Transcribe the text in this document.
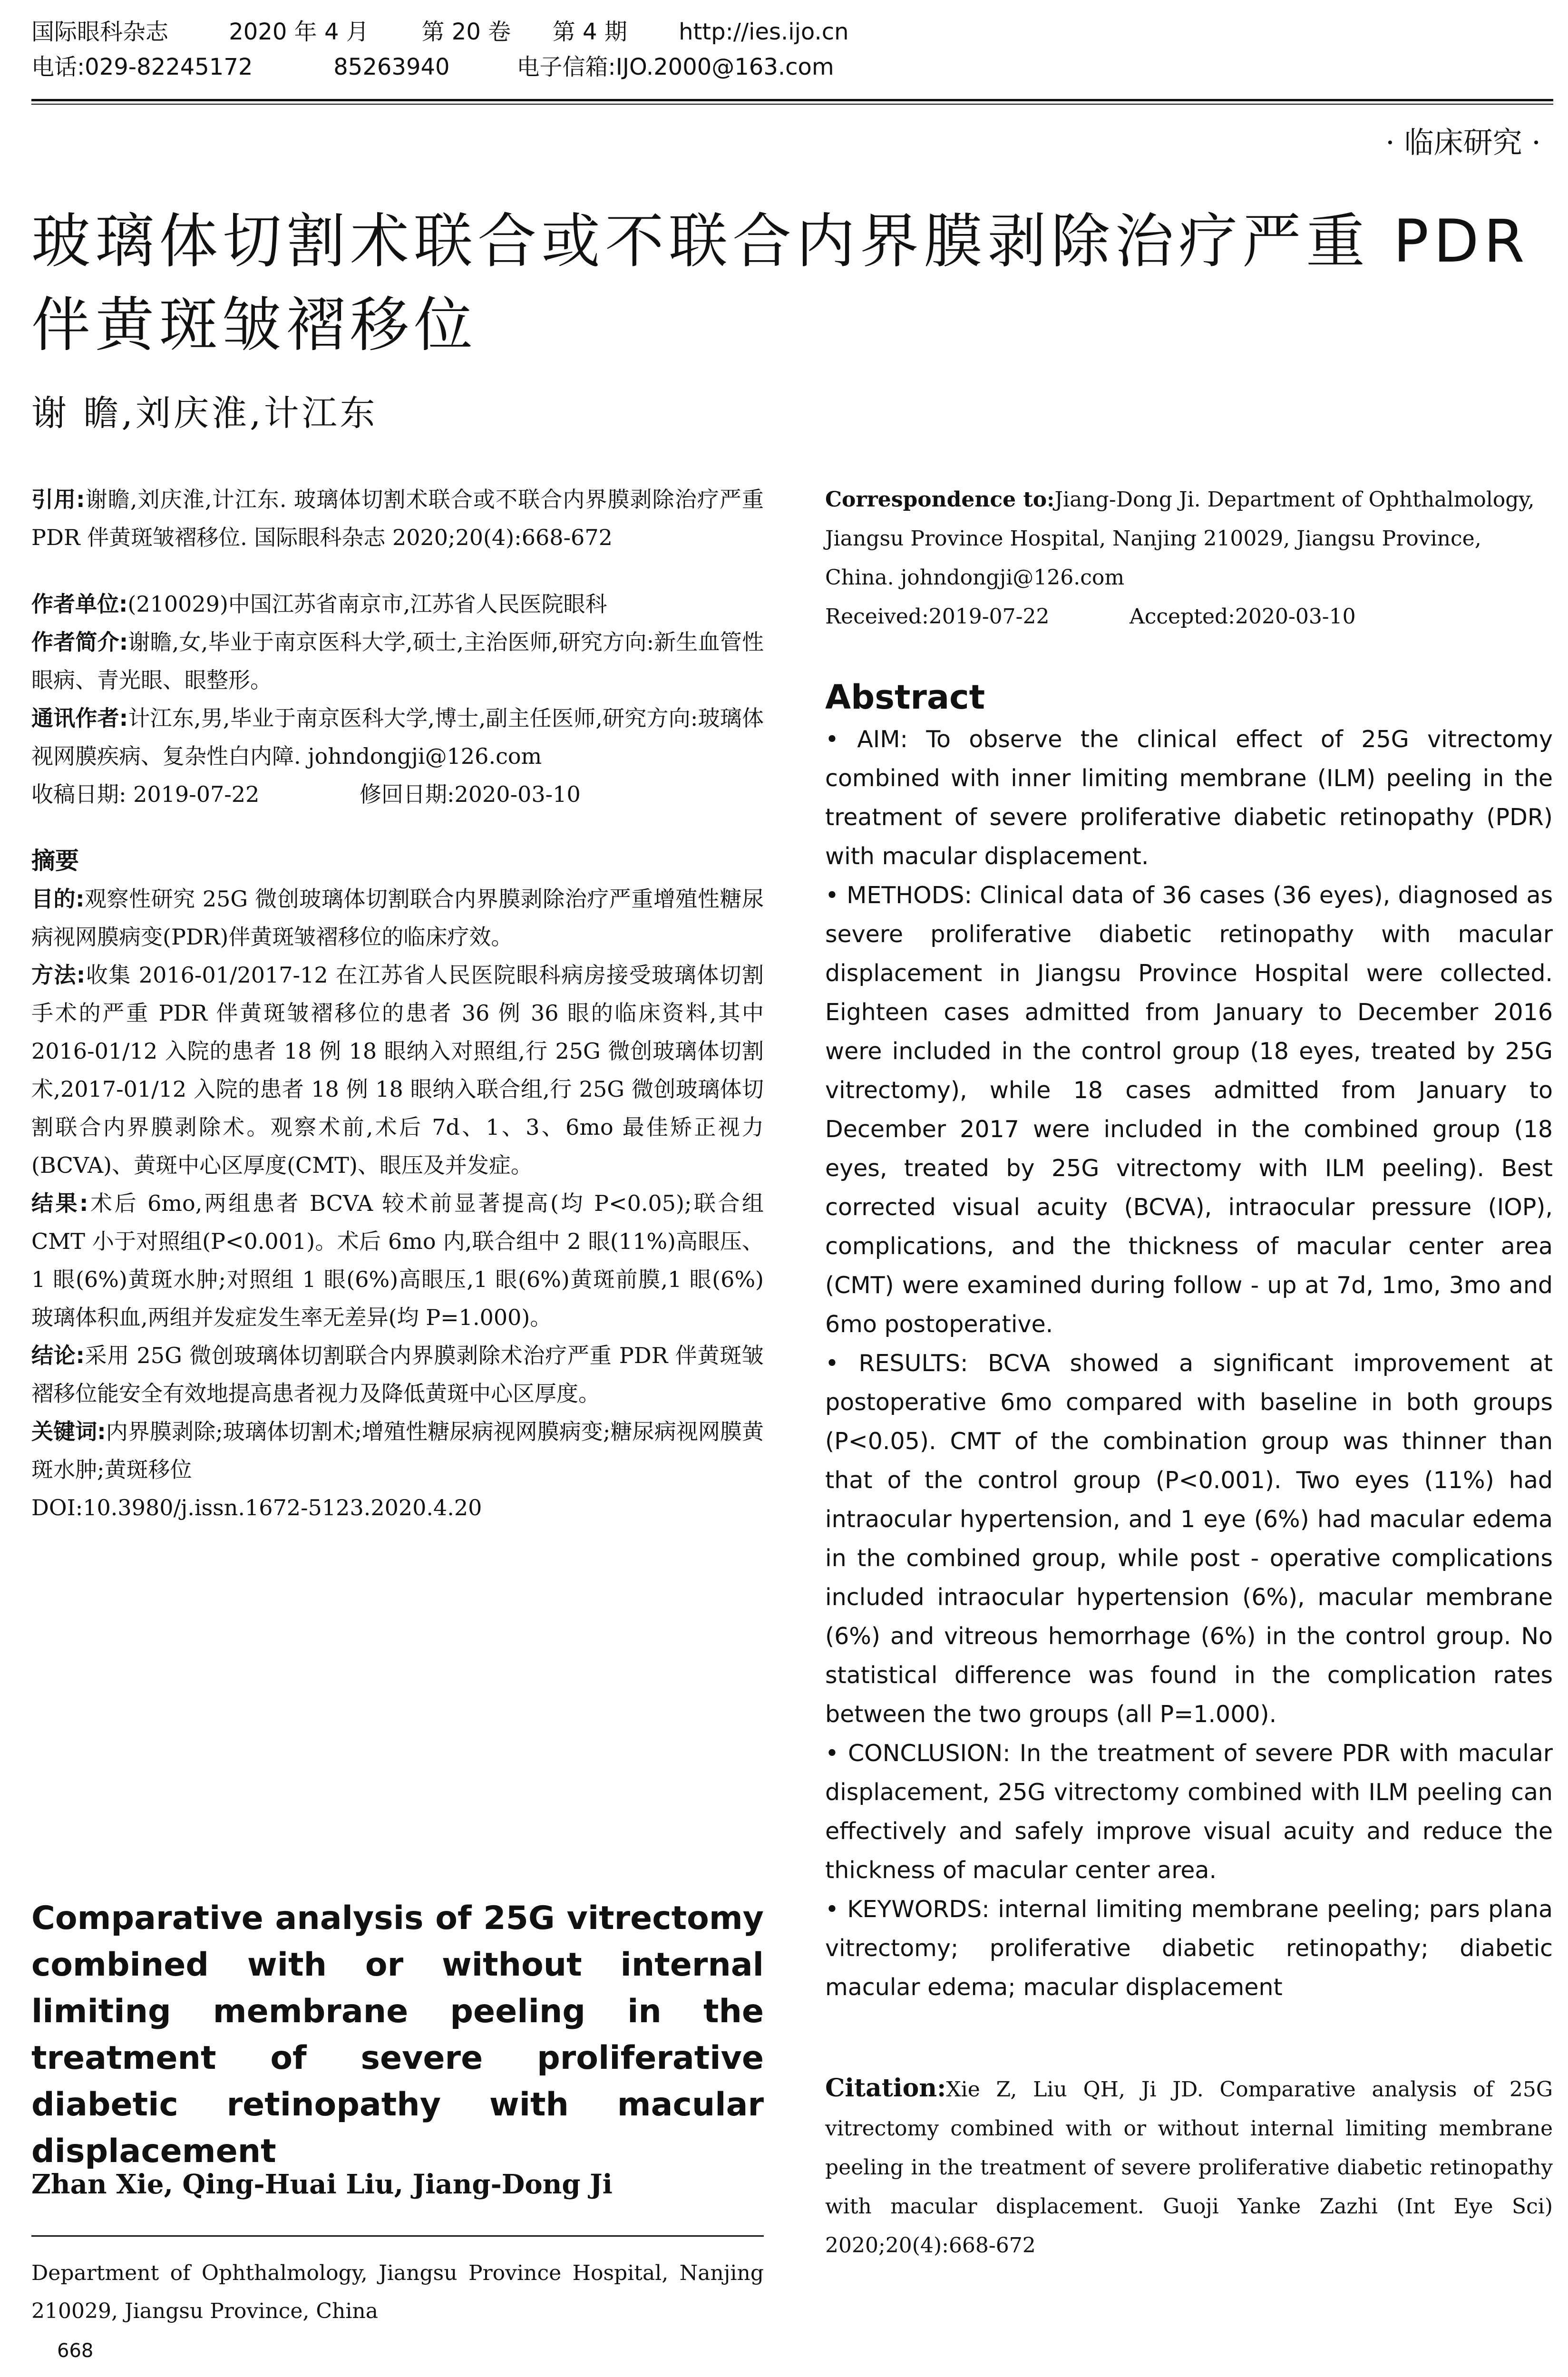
国际眼科杂志	2020 年 4 月 第 20 卷 第 4 期 http://ies.ijo.cn
电话:029-82245172	85263940	电子信箱:IJO.2000@163.com
· 临床研究 ·
玻璃体切割术联合或不联合内界膜剥除治疗严重 PDR 伴黄斑皱褶移位
谢 瞻,刘庆淮,计江东

引用:谢瞻,刘庆淮,计江东. 玻璃体切割术联合或不联合内界膜剥除治疗严重 PDR 伴黄斑皱褶移位. 国际眼科杂志 2020;20(4):668-672

作者单位:(210029)中国江苏省南京市,江苏省人民医院眼科

作者简介:谢瞻,女,毕业于南京医科大学,硕士,主治医师,研究方向:新生血管性眼病、青光眼、眼整形。

通讯作者:计江东,男,毕业于南京医科大学,博士,副主任医师,研究方向:玻璃体视网膜疾病、复杂性白内障. johndongji@126.com

收稿日期: 2019-07-22	修回日期:2020-03-10

摘要

目的:观察性研究 25G 微创玻璃体切割联合内界膜剥除治疗严重增殖性糖尿病视网膜病变(PDR)伴黄斑皱褶移位的临床疗效。

方法:收集 2016-01/2017-12 在江苏省人民医院眼科病房接受玻璃体切割手术的严重 PDR 伴黄斑皱褶移位的患者 36 例 36 眼的临床资料,其中 2016-01/12 入院的患者 18 例 18 眼纳入对照组,行 25G 微创玻璃体切割术,2017-01/12 入院的患者 18 例 18 眼纳入联合组,行 25G 微创玻璃体切割联合内界膜剥除术。观察术前,术后 7d、1、3、6mo 最佳矫正视力(BCVA)、黄斑中心区厚度(CMT)、眼压及并发症。

结果:术后 6mo,两组患者 BCVA 较术前显著提高(均 P<0.05);联合组 CMT 小于对照组(P<0.001)。术后 6mo 内,联合组中 2 眼(11%)高眼压、1 眼(6%)黄斑水肿;对照组 1 眼(6%)高眼压,1 眼(6%)黄斑前膜,1 眼(6%)玻璃体积血,两组并发症发生率无差异(均 P=1.000)。

结论:采用 25G 微创玻璃体切割联合内界膜剥除术治疗严重 PDR 伴黄斑皱褶移位能安全有效地提高患者视力及降低黄斑中心区厚度。

关键词:内界膜剥除;玻璃体切割术;增殖性糖尿病视网膜病变;糖尿病视网膜黄斑水肿;黄斑移位

DOI:10.3980/j.issn.1672-5123.2020.4.20

Comparative analysis of 25G vitrectomy combined with or without internal limiting membrane peeling in the treatment of severe proliferative diabetic retinopathy with macular displacement
Zhan Xie, Qing-Huai Liu, Jiang-Dong Ji
Department of Ophthalmology, Jiangsu Province Hospital, Nanjing 210029, Jiangsu Province, China
668

Correspondence to:Jiang-Dong Ji. Department of Ophthalmology, Jiangsu Province Hospital, Nanjing 210029, Jiangsu Province, China. johndongji@126.com

Received:2019-07-22	Accepted:2020-03-10

Abstract

• AIM: To observe the clinical effect of 25G vitrectomy combined with inner limiting membrane (ILM) peeling in the treatment of severe proliferative diabetic retinopathy (PDR) with macular displacement.

• METHODS: Clinical data of 36 cases (36 eyes), diagnosed as severe proliferative diabetic retinopathy with macular displacement in Jiangsu Province Hospital were collected. Eighteen cases admitted from January to December 2016 were included in the control group (18 eyes, treated by 25G vitrectomy), while 18 cases admitted from January to December 2017 were included in the combined group (18 eyes, treated by 25G vitrectomy with ILM peeling). Best corrected visual acuity (BCVA), intraocular pressure (IOP), complications, and the thickness of macular center area (CMT) were examined during follow - up at 7d, 1mo, 3mo and 6mo postoperative.

• RESULTS: BCVA showed a significant improvement at postoperative 6mo compared with baseline in both groups (P<0.05). CMT of the combination group was thinner than that of the control group (P<0.001). Two eyes (11%) had intraocular hypertension, and 1 eye (6%) had macular edema in the combined group, while post - operative complications included intraocular hypertension (6%), macular membrane (6%) and vitreous hemorrhage (6%) in the control group. No statistical difference was found in the complication rates between the two groups (all P=1.000).

• CONCLUSION: In the treatment of severe PDR with macular displacement, 25G vitrectomy combined with ILM peeling can effectively and safely improve visual acuity and reduce the thickness of macular center area.

• KEYWORDS: internal limiting membrane peeling; pars plana vitrectomy; proliferative diabetic retinopathy; diabetic macular edema; macular displacement

Citation:Xie Z, Liu QH, Ji JD. Comparative analysis of 25G vitrectomy combined with or without internal limiting membrane peeling in the treatment of severe proliferative diabetic retinopathy with macular displacement. Guoji Yanke Zazhi (Int Eye Sci) 2020;20(4):668-672
